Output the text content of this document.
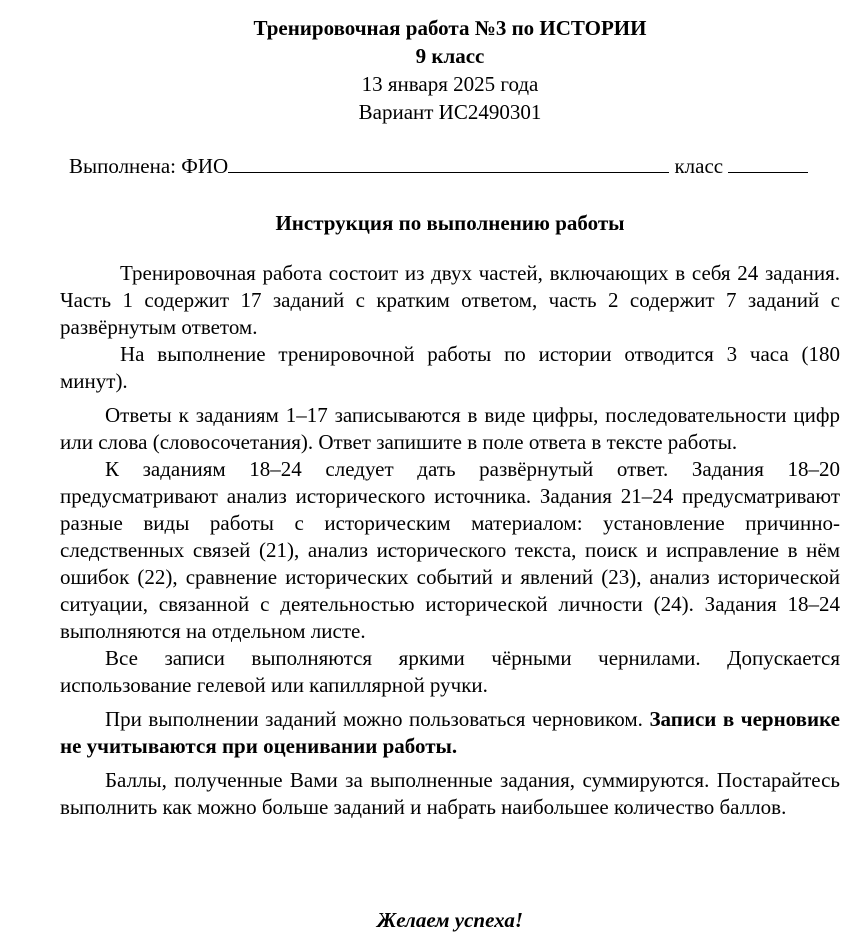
Тренировочная работа №3 по ИСТОРИИ
9 класс
13 января 2025 года
Вариант ИС2490301
Выполнена: ФИО	класс
Инструкция по выполнению работы

Тренировочная работа состоит из двух частей, включающих в себя 24 задания. Часть 1 содержит 17 заданий с кратким ответом, часть 2 содержит 7 заданий с развёрнутым ответом.

На выполнение тренировочной работы по истории отводится 3 часа (180 минут).

Ответы к заданиям 1–17 записываются в виде цифры, последовательности цифр или слова (словосочетания). Ответ запишите в поле ответа в тексте работы.

К заданиям 18–24 следует дать развёрнутый ответ. Задания 18–20 предусматривают анализ исторического источника. Задания 21–24 предусматривают разные виды работы с историческим материалом: установление причинно-следственных связей (21), анализ исторического текста, поиск и исправление в нём ошибок (22), сравнение исторических событий и явлений (23), анализ исторической ситуации, связанной с деятельностью исторической личности (24). Задания 18–24 выполняются на отдельном листе.

Все записи выполняются яркими чёрными чернилами. Допускается использование гелевой или капиллярной ручки.

При выполнении заданий можно пользоваться черновиком. Записи в черновике не учитываются при оценивании работы.

Баллы, полученные Вами за выполненные задания, суммируются. Постарайтесь выполнить как можно больше заданий и набрать наибольшее количество баллов.

Желаем успеха!
